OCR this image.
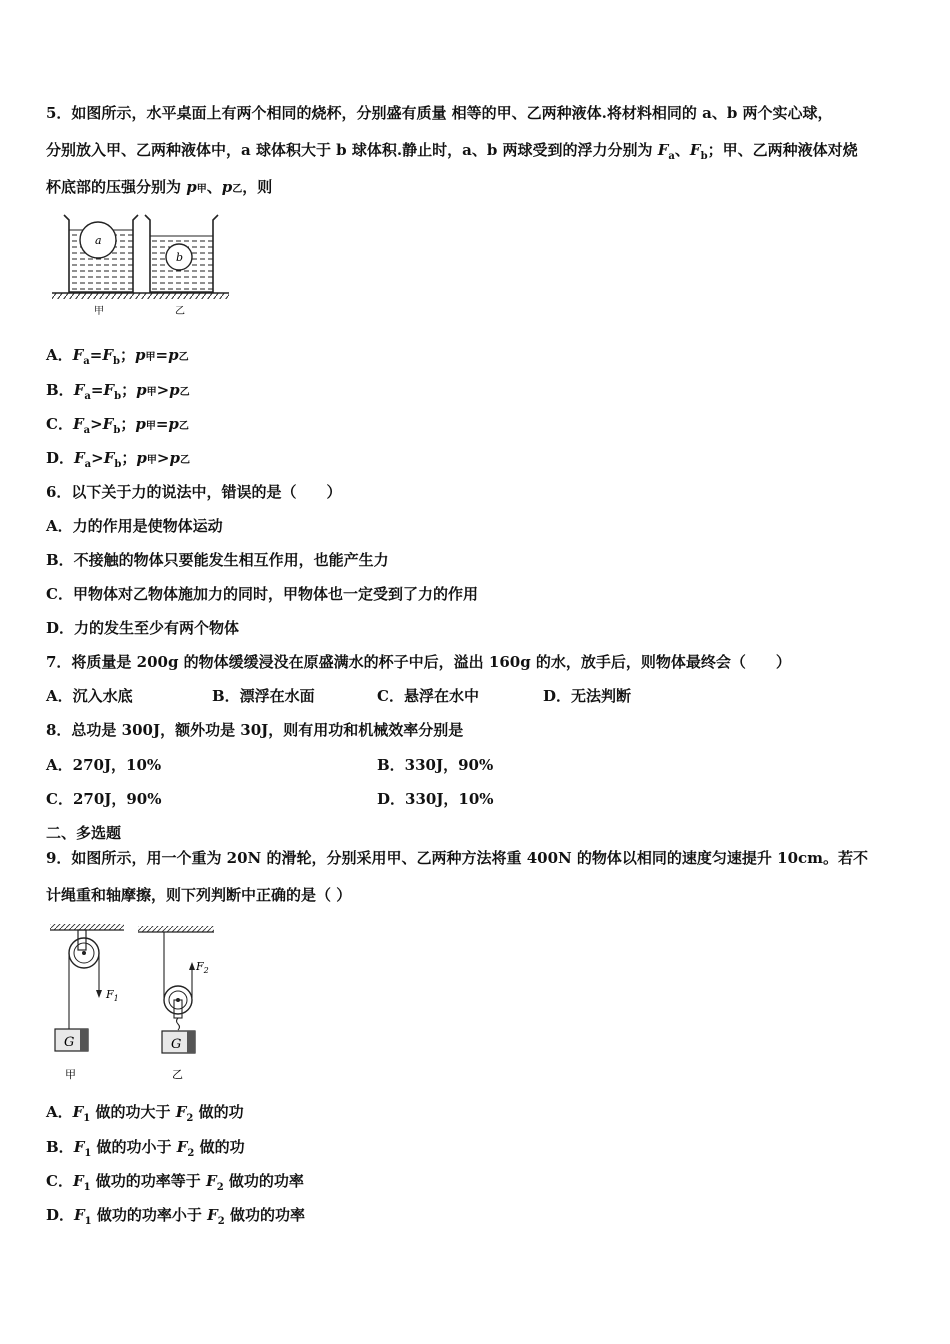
5．如图所示，水平桌面上有两个相同的烧杯，分别盛有质量 相等的甲、乙两种液体.将材料相同的 a、b 两个实心球，
分别放入甲、乙两种液体中，a 球体积大于 b 球体积.静止时，a、b 两球受到的浮力分别为 $F_a$、$F_b$；甲、乙两种液体对烧
杯底部的压强分别为 p甲、p乙，则
a
b
甲	乙
A．$F_a=F_b$；p甲=p乙
B．$F_a=F_b$；p甲>p乙
C．$F_a>F_b$；p甲=p乙
D．$F_a>F_b$；p甲>p乙
6．以下关于力的说法中，错误的是（　　）
A．力的作用是使物体运动
B．不接触的物体只要能发生相互作用，也能产生力
C．甲物体对乙物体施加力的同时，甲物体也一定受到了力的作用
D．力的发生至少有两个物体
7．将质量是 200g 的物体缓缓浸没在原盛满水的杯子中后，溢出 160g 的水，放手后，则物体最终会（　　）
A．沉入水底	B．漂浮在水面	C．悬浮在水中	D．无法判断
8．总功是 300J，额外功是 30J，则有用功和机械效率分别是
A．270J，10%	B．330J，90%
C．270J，90%	D．330J，10%
二、多选题
9．如图所示，用一个重为 20N 的滑轮，分别采用甲、乙两种方法将重 400N 的物体以相同的速度匀速提升 10cm。若不
计绳重和轴摩擦，则下列判断中正确的是（ ）
$F_1$
G
甲
$F_2$
G
乙
A．$F_1$ 做的功大于 $F_2$ 做的功
B．$F_1$ 做的功小于 $F_2$ 做的功
C．$F_1$ 做功的功率等于 $F_2$ 做功的功率
D．$F_1$ 做功的功率小于 $F_2$ 做功的功率
